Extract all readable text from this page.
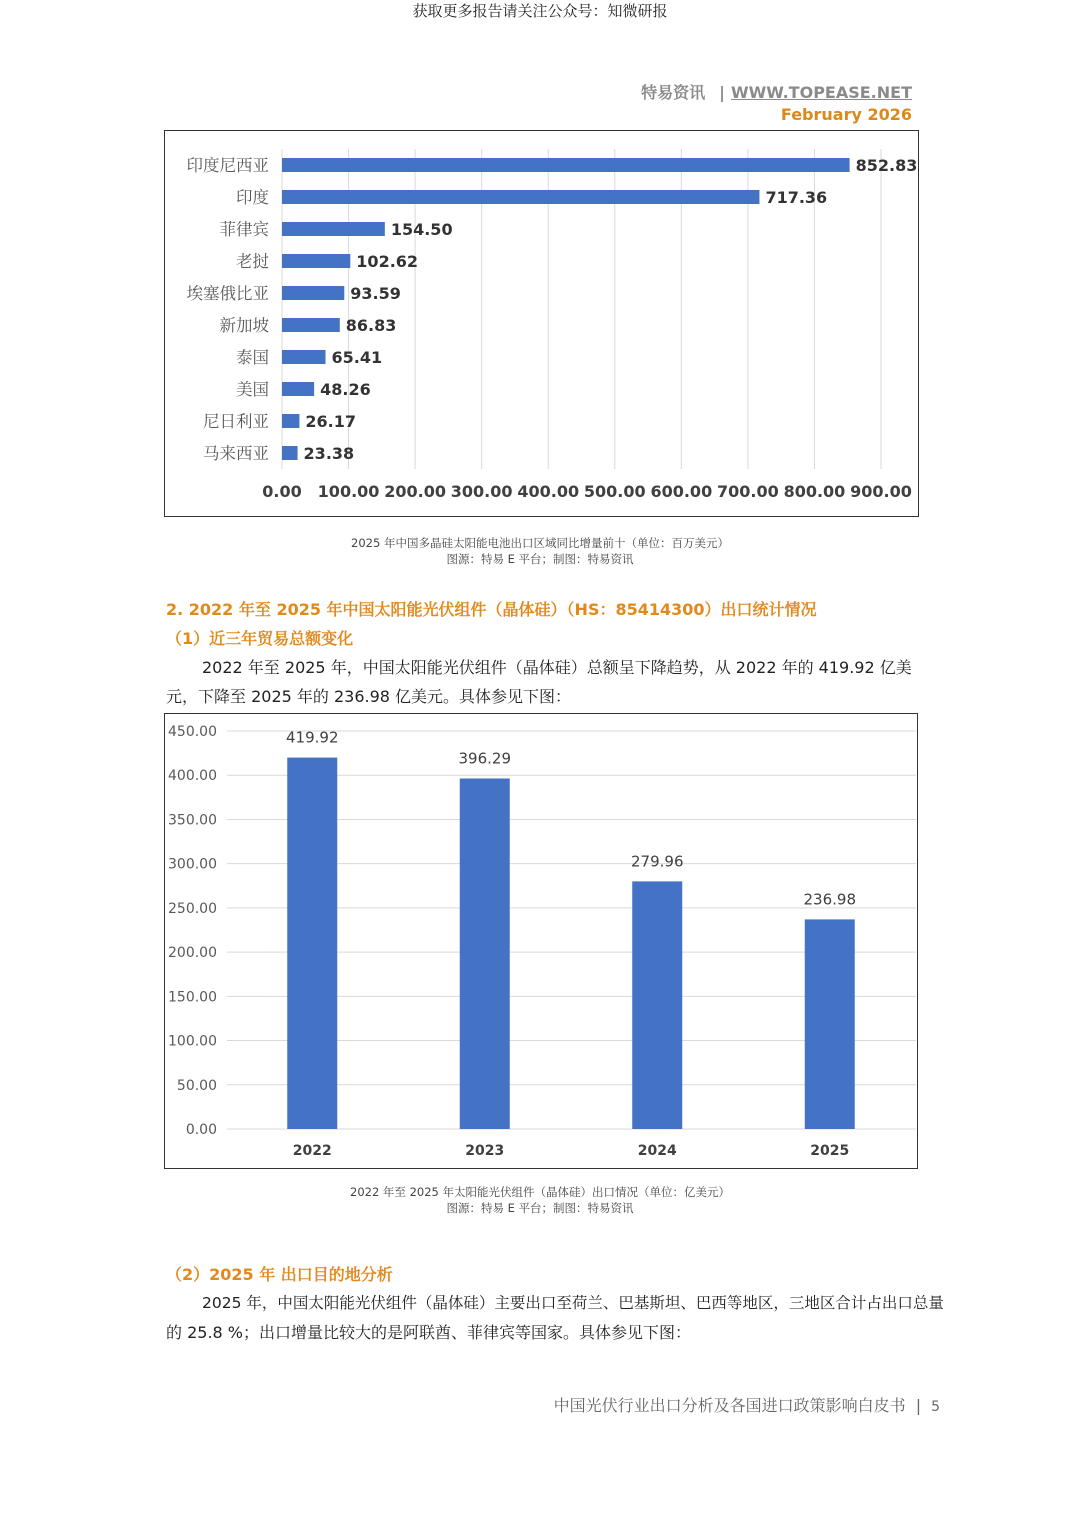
获取更多报告请关注公众号：知微研报
特易资讯 | WWW.TOPEASE.NET
February 2026
0.00 100.00 200.00 300.00 400.00 500.00 600.00 700.00 800.00 900.00
印度尼西亚	852.83
印度	717.36
菲律宾	154.50
老挝	102.62
埃塞俄比亚	93.59
新加坡	86.83
泰国	65.41
美国	48.26
尼日利亚 26.17
马来西亚 23.38
2025 年中国多晶硅太阳能电池出口区域同比增量前十（单位：百万美元）
图源：特易 E 平台；制图：特易资讯
2. 2022 年至 2025 年中国太阳能光伏组件（晶体硅）（HS：85414300）出口统计情况
（1）近三年贸易总额变化
2022 年至 2025 年，中国太阳能光伏组件（晶体硅）总额呈下降趋势，从 2022 年的 419.92 亿美
元，下降至 2025 年的 236.98 亿美元。具体参见下图：
0.00
50.00
100.00
150.00
200.00
250.00
300.00
350.00
400.00
450.00	419.92
2022
396.29
2023
279.96
2024
236.98
2025
2022 年至 2025 年太阳能光伏组件（晶体硅）出口情况（单位：亿美元）
图源：特易 E 平台；制图：特易资讯
（2）2025 年 出口目的地分析
2025 年，中国太阳能光伏组件（晶体硅）主要出口至荷兰、巴基斯坦、巴西等地区，三地区合计占出口总量
的 25.8 %；出口增量比较大的是阿联酋、菲律宾等国家。具体参见下图：
中国光伏行业出口分析及各国进口政策影响白皮书 | 5
